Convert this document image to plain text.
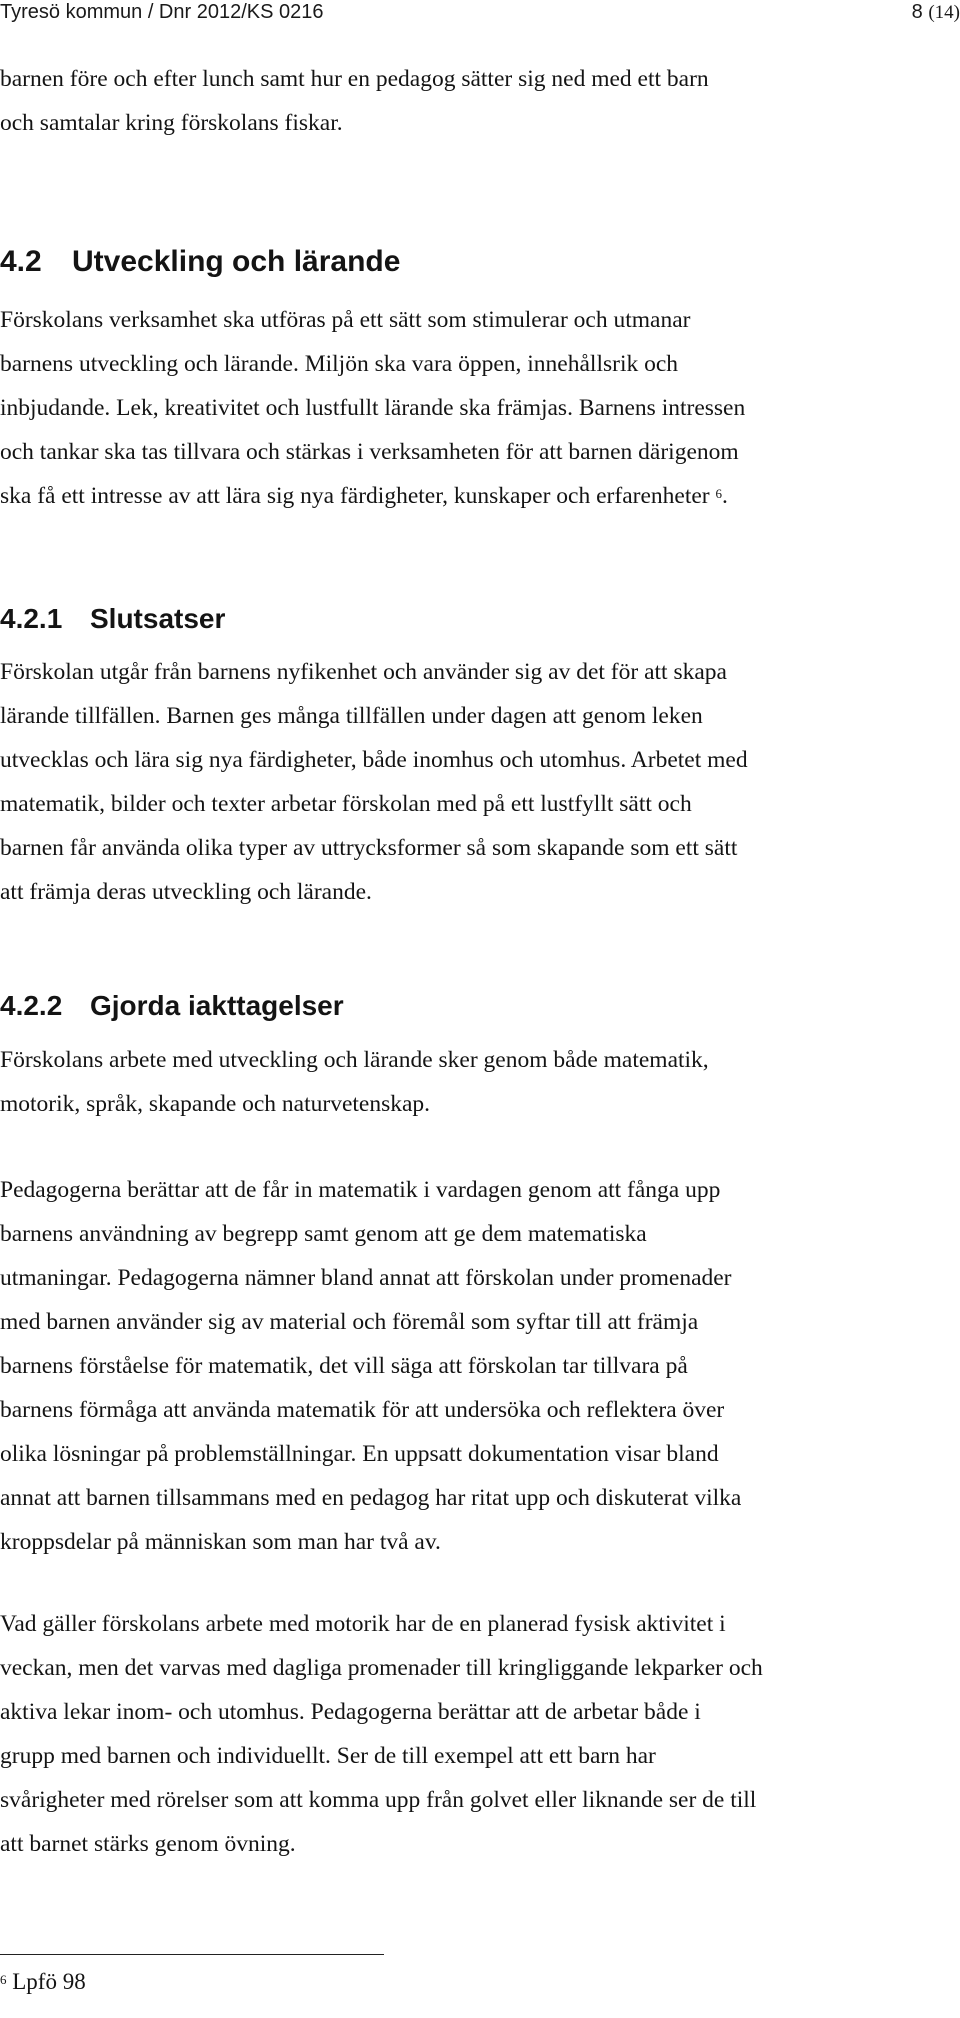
Tyresö kommun / Dnr 2012/KS 0216	8 (14)

barnen före och efter lunch samt hur en pedagog sätter sig ned med ett barn
och samtalar kring förskolans fiskar.

4.2 Utveckling och lärande

Förskolans verksamhet ska utföras på ett sätt som stimulerar och utmanar
barnens utveckling och lärande. Miljön ska vara öppen, innehållsrik och
inbjudande. Lek, kreativitet och lustfullt lärande ska främjas. Barnens intressen
och tankar ska tas tillvara och stärkas i verksamheten för att barnen därigenom
ska få ett intresse av att lära sig nya färdigheter, kunskaper och erfarenheter $^6$.

4.2.1 Slutsatser

Förskolan utgår från barnens nyfikenhet och använder sig av det för att skapa
lärande tillfällen. Barnen ges många tillfällen under dagen att genom leken
utvecklas och lära sig nya färdigheter, både inomhus och utomhus. Arbetet med
matematik, bilder och texter arbetar förskolan med på ett lustfyllt sätt och
barnen får använda olika typer av uttrycksformer så som skapande som ett sätt
att främja deras utveckling och lärande.

4.2.2 Gjorda iakttagelser

Förskolans arbete med utveckling och lärande sker genom både matematik,
motorik, språk, skapande och naturvetenskap.

Pedagogerna berättar att de får in matematik i vardagen genom att fånga upp
barnens användning av begrepp samt genom att ge dem matematiska
utmaningar. Pedagogerna nämner bland annat att förskolan under promenader
med barnen använder sig av material och föremål som syftar till att främja
barnens förståelse för matematik, det vill säga att förskolan tar tillvara på
barnens förmåga att använda matematik för att undersöka och reflektera över
olika lösningar på problemställningar. En uppsatt dokumentation visar bland
annat att barnen tillsammans med en pedagog har ritat upp och diskuterat vilka
kroppsdelar på människan som man har två av.

Vad gäller förskolans arbete med motorik har de en planerad fysisk aktivitet i
veckan, men det varvas med dagliga promenader till kringliggande lekparker och
aktiva lekar inom- och utomhus. Pedagogerna berättar att de arbetar både i
grupp med barnen och individuellt. Ser de till exempel att ett barn har
svårigheter med rörelser som att komma upp från golvet eller liknande ser de till
att barnet stärks genom övning.

$^6$ Lpfö 98
